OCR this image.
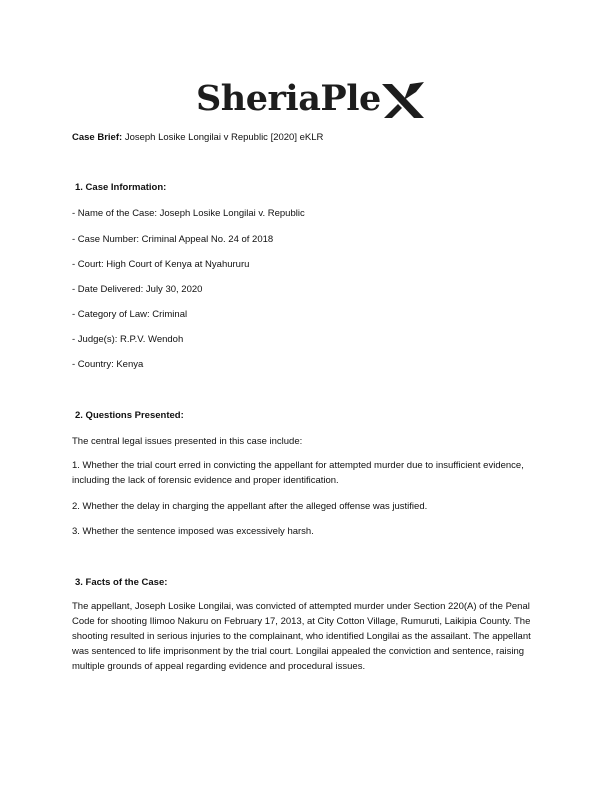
SheriaPle
Case Brief: Joseph Losike Longilai v Republic [2020] eKLR
1. Case Information:
- Name of the Case: Joseph Losike Longilai v. Republic
- Case Number: Criminal Appeal No. 24 of 2018
- Court: High Court of Kenya at Nyahururu
- Date Delivered: July 30, 2020
- Category of Law: Criminal
- Judge(s): R.P.V. Wendoh
- Country: Kenya
2. Questions Presented:
The central legal issues presented in this case include:
1. Whether the trial court erred in convicting the appellant for attempted murder due to insufficient evidence, including the lack of forensic evidence and proper identification.
2. Whether the delay in charging the appellant after the alleged offense was justified.
3. Whether the sentence imposed was excessively harsh.
3. Facts of the Case:
The appellant, Joseph Losike Longilai, was convicted of attempted murder under Section 220(A) of the Penal Code for shooting Ilimoo Nakuru on February 17, 2013, at City Cotton Village, Rumuruti, Laikipia County. The shooting resulted in serious injuries to the complainant, who identified Longilai as the assailant. The appellant was sentenced to life imprisonment by the trial court. Longilai appealed the conviction and sentence, raising multiple grounds of appeal regarding evidence and procedural issues.
